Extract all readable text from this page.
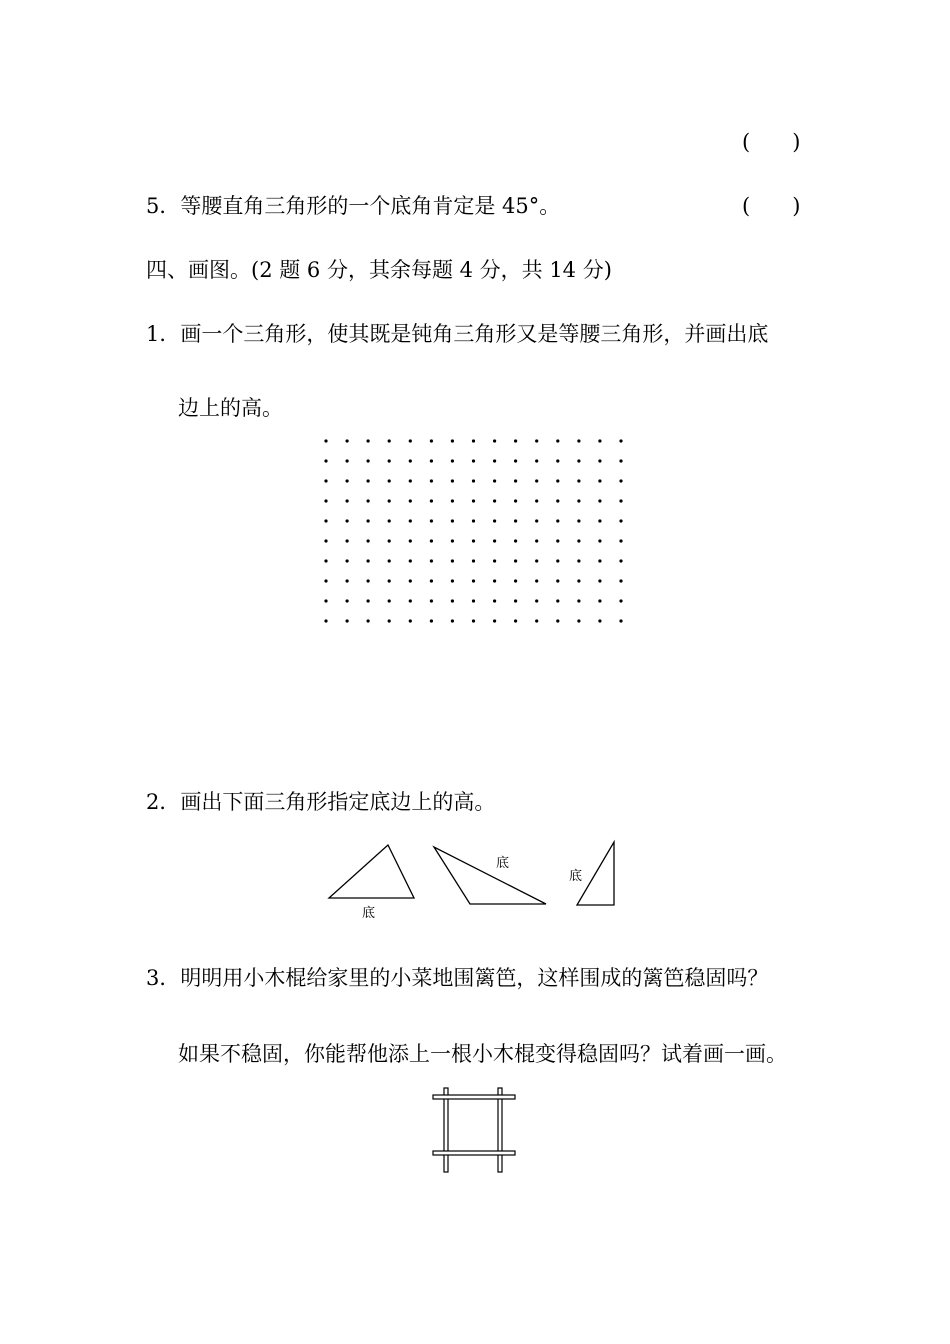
(　　)
5．等腰直角三角形的一个底角肯定是 45°。	(　　)
四、画图。(2 题 6 分，其余每题 4 分，共 14 分)
1．画一个三角形，使其既是钝角三角形又是等腰三角形，并画出底
边上的高。
2．画出下面三角形指定底边上的高。
底
底
底
3．明明用小木棍给家里的小菜地围篱笆，这样围成的篱笆稳固吗？
如果不稳固，你能帮他添上一根小木棍变得稳固吗？试着画一画。
